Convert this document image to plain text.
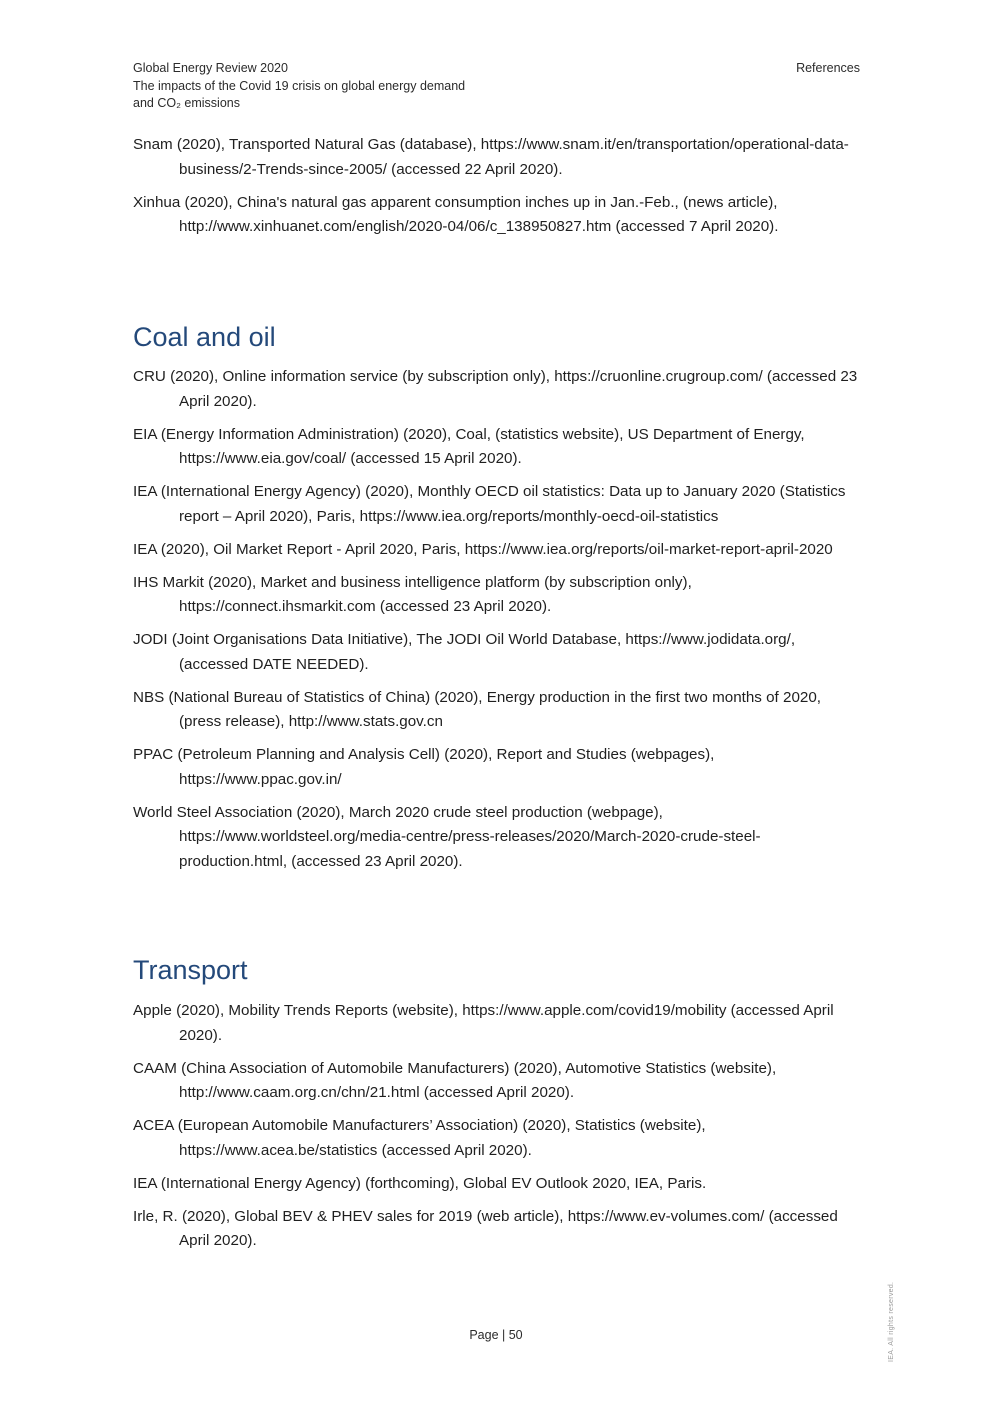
Global Energy Review 2020
The impacts of the Covid 19 crisis on global energy demand
and CO₂ emissions
References

Snam (2020), Transported Natural Gas (database), https://www.snam.it/en/transportation/operational-data-business/2-Trends-since-2005/ (accessed 22 April 2020).

Xinhua (2020), China's natural gas apparent consumption inches up in Jan.-Feb., (news article), http://www.xinhuanet.com/english/2020-04/06/c_138950827.htm (accessed 7 April 2020).

Coal and oil

CRU (2020), Online information service (by subscription only), https://cruonline.crugroup.com/ (accessed 23 April 2020).

EIA (Energy Information Administration) (2020), Coal, (statistics website), US Department of Energy, https://www.eia.gov/coal/ (accessed 15 April 2020).

IEA (International Energy Agency) (2020), Monthly OECD oil statistics: Data up to January 2020 (Statistics report – April 2020), Paris, https://www.iea.org/reports/monthly-oecd-oil-statistics

IEA (2020), Oil Market Report - April 2020, Paris, https://www.iea.org/reports/oil-market-report-april-2020

IHS Markit (2020), Market and business intelligence platform (by subscription only), https://connect.ihsmarkit.com (accessed 23 April 2020).

JODI (Joint Organisations Data Initiative), The JODI Oil World Database, https://www.jodidata.org/, (accessed DATE NEEDED).

NBS (National Bureau of Statistics of China) (2020), Energy production in the first two months of 2020, (press release), http://www.stats.gov.cn

PPAC (Petroleum Planning and Analysis Cell) (2020), Report and Studies (webpages), https://www.ppac.gov.in/

World Steel Association (2020), March 2020 crude steel production (webpage), https://www.worldsteel.org/media-centre/press-releases/2020/March-2020-crude-steel-production.html, (accessed 23 April 2020).

Transport

Apple (2020), Mobility Trends Reports (website), https://www.apple.com/covid19/mobility (accessed April 2020).

CAAM (China Association of Automobile Manufacturers) (2020), Automotive Statistics (website), http://www.caam.org.cn/chn/21.html (accessed April 2020).

ACEA (European Automobile Manufacturers’ Association) (2020), Statistics (website), https://www.acea.be/statistics (accessed April 2020).

IEA (International Energy Agency) (forthcoming), Global EV Outlook 2020, IEA, Paris.

Irle, R. (2020), Global BEV & PHEV sales for 2019 (web article), https://www.ev-volumes.com/ (accessed April 2020).

Page | 50	IEA. All rights reserved.
